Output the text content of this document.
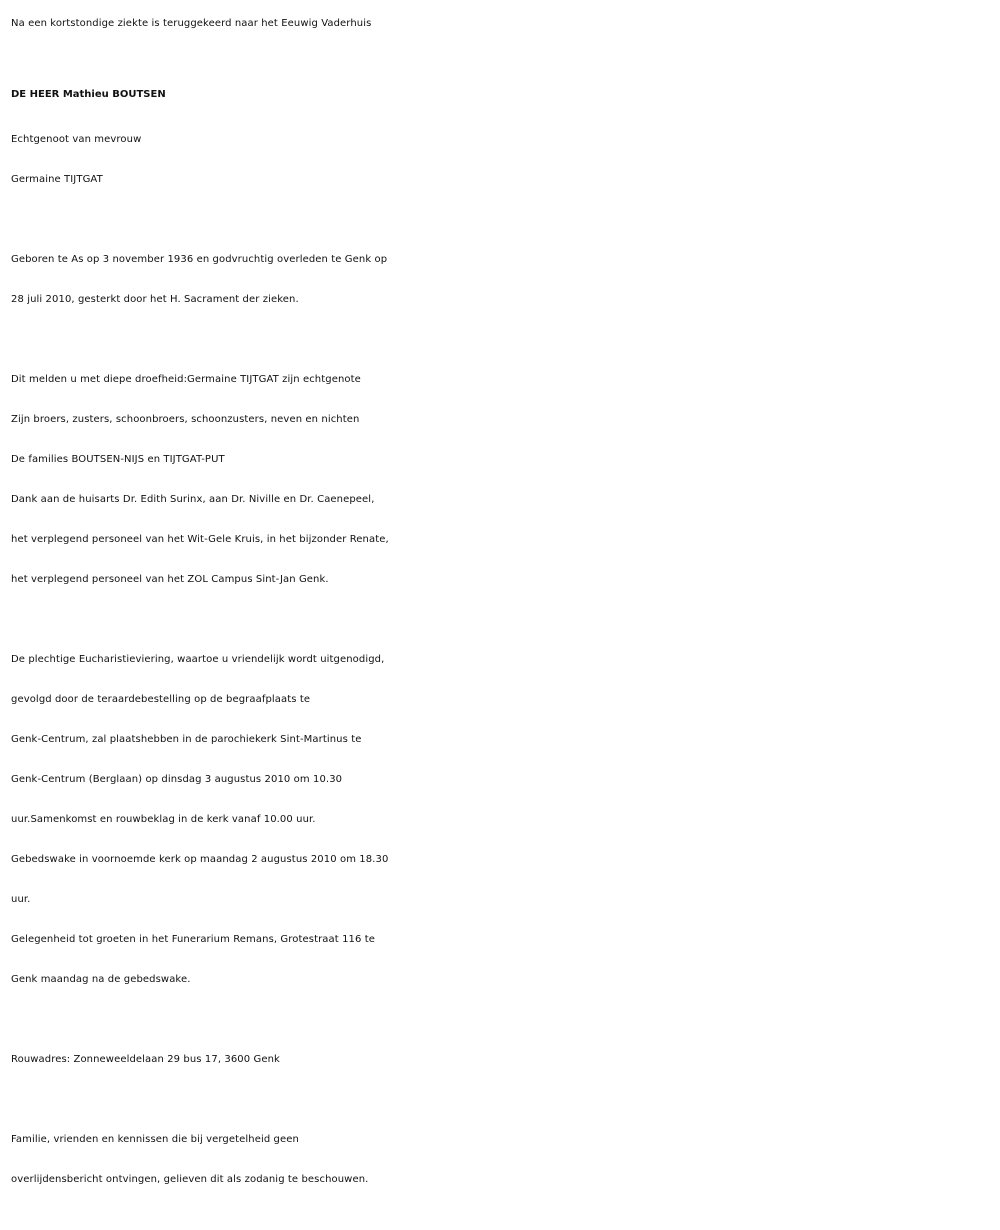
Na een kortstondige ziekte is teruggekeerd naar het Eeuwig Vaderhuis
DE HEER Mathieu BOUTSEN
Echtgenoot van mevrouw
Germaine TIJTGAT
Geboren te As op 3 november 1936 en godvruchtig overleden te Genk op
28 juli 2010, gesterkt door het H. Sacrament der zieken.
Dit melden u met diepe droefheid:Germaine TIJTGAT zijn echtgenote
Zijn broers, zusters, schoonbroers, schoonzusters, neven en nichten
De families BOUTSEN-NIJS en TIJTGAT-PUT
Dank aan de huisarts Dr. Edith Surinx, aan Dr. Niville en Dr. Caenepeel,
het verplegend personeel van het Wit-Gele Kruis, in het bijzonder Renate,
het verplegend personeel van het ZOL Campus Sint-Jan Genk.
De plechtige Eucharistieviering, waartoe u vriendelijk wordt uitgenodigd,
gevolgd door de teraardebestelling op de begraafplaats te
Genk-Centrum, zal plaatshebben in de parochiekerk Sint-Martinus te
Genk-Centrum (Berglaan) op dinsdag 3 augustus 2010 om 10.30
uur.Samenkomst en rouwbeklag in de kerk vanaf 10.00 uur.
Gebedswake in voornoemde kerk op maandag 2 augustus 2010 om 18.30
uur.
Gelegenheid tot groeten in het Funerarium Remans, Grotestraat 116 te
Genk maandag na de gebedswake.
Rouwadres: Zonneweeldelaan 29 bus 17, 3600 Genk
Familie, vrienden en kennissen die bij vergetelheid geen
overlijdensbericht ontvingen, gelieven dit als zodanig te beschouwen.
